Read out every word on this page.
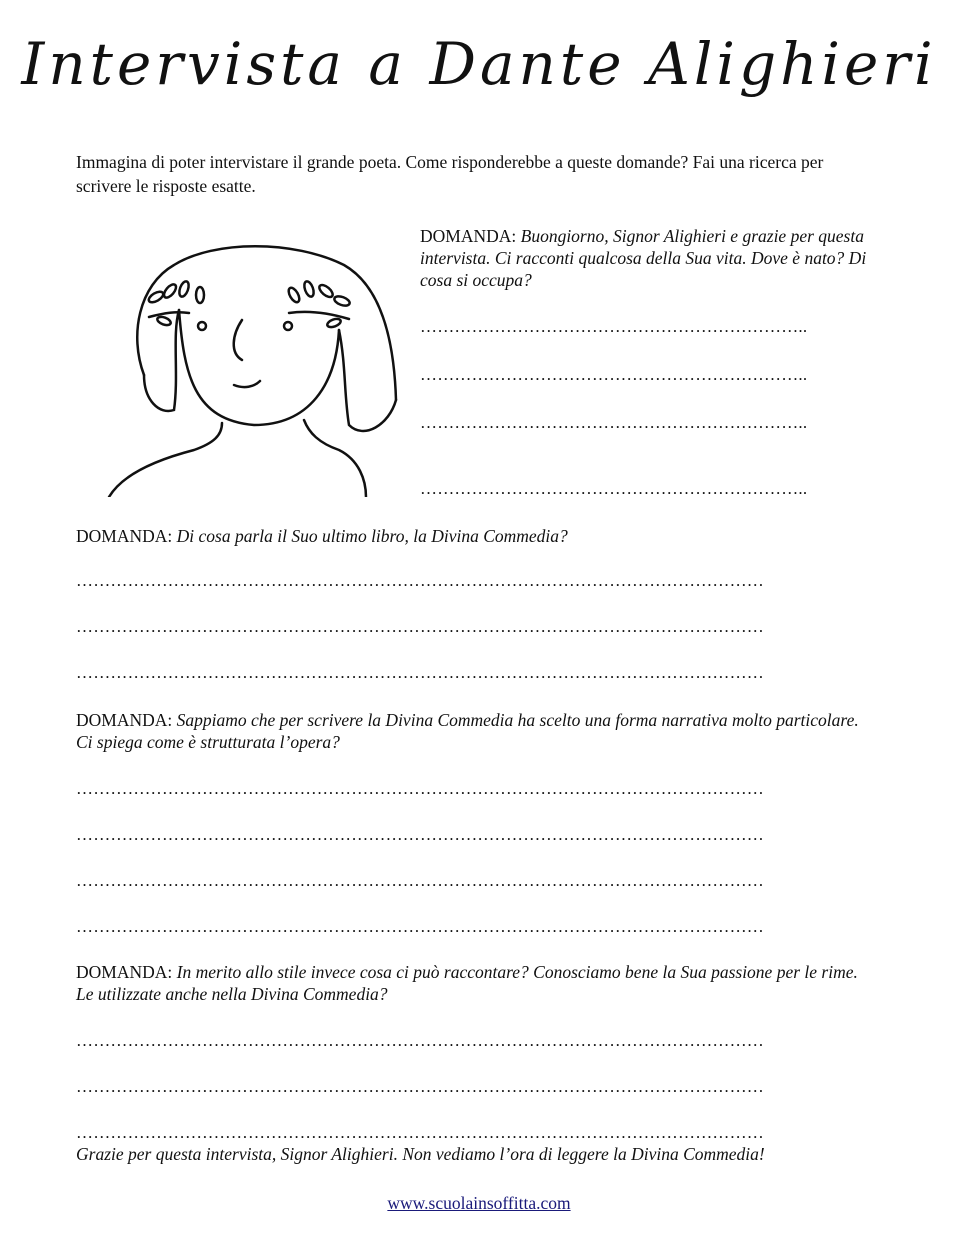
Intervista a Dante Alighieri
Immagina di poter intervistare il grande poeta. Come risponderebbe a queste domande? Fai una ricerca per scrivere le risposte esatte.
DOMANDA: Buongiorno, Signor Alighieri e grazie per questa intervista. Ci racconti qualcosa della Sua vita. Dove è nato? Di cosa si occupa?
…………………………………………………………..
…………………………………………………………..
…………………………………………………………..
…………………………………………………………..
DOMANDA: Di cosa parla il Suo ultimo libro, la Divina Commedia?
…………………………………………………………………………………………………………
…………………………………………………………………………………………………………
…………………………………………………………………………………………………………
DOMANDA: Sappiamo che per scrivere la Divina Commedia ha scelto una forma narrativa molto particolare. Ci spiega come è strutturata l’opera?
…………………………………………………………………………………………………………
…………………………………………………………………………………………………………
…………………………………………………………………………………………………………
…………………………………………………………………………………………………………
DOMANDA: In merito allo stile invece cosa ci può raccontare? Conosciamo bene la Sua passione per le rime. Le utilizzate anche nella Divina Commedia?
…………………………………………………………………………………………………………
…………………………………………………………………………………………………………
…………………………………………………………………………………………………………
Grazie per questa intervista, Signor Alighieri. Non vediamo l’ora di leggere la Divina Commedia!
www.scuolainsoffitta.com
